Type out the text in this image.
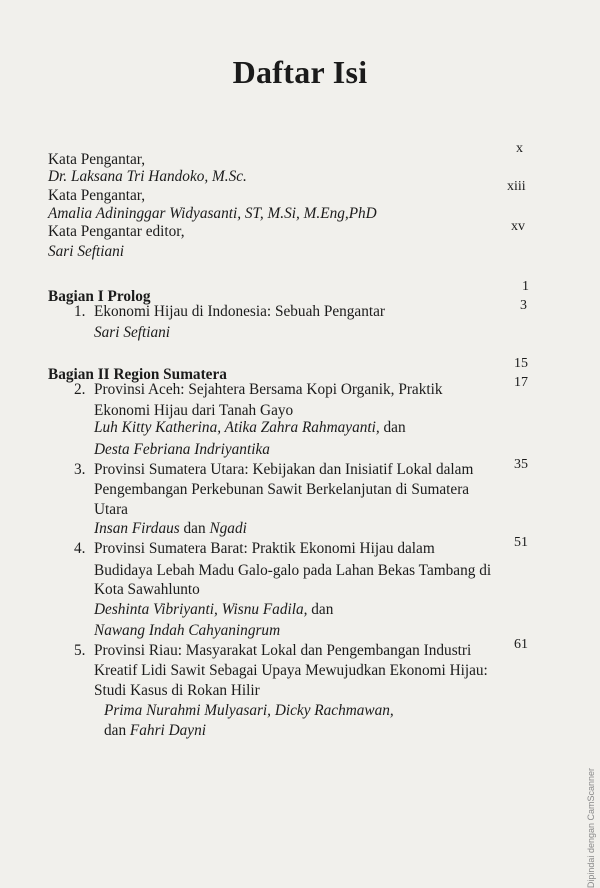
Daftar Isi
x
Kata Pengantar,
Dr. Laksana Tri Handoko, M.Sc.
xiii
Kata Pengantar,
Amalia Adininggar Widyasanti, ST, M.Si, M.Eng,PhD
xv
Kata Pengantar editor,
Sari Seftiani
1
Bagian I Prolog
3
1. Ekonomi Hijau di Indonesia: Sebuah Pengantar
Sari Seftiani
15
Bagian II Region Sumatera	17
2. Provinsi Aceh: Sejahtera Bersama Kopi Organik, Praktik
Ekonomi Hijau dari Tanah Gayo
Luh Kitty Katherina, Atika Zahra Rahmayanti, dan
Desta Febriana Indriyantika
35
3. Provinsi Sumatera Utara: Kebijakan dan Inisiatif Lokal dalam
Pengembangan Perkebunan Sawit Berkelanjutan di Sumatera
Utara
Insan Firdaus dan Ngadi
51
4. Provinsi Sumatera Barat: Praktik Ekonomi Hijau dalam
Budidaya Lebah Madu Galo-galo pada Lahan Bekas Tambang di
Kota Sawahlunto
Deshinta Vibriyanti, Wisnu Fadila, dan
Nawang Indah Cahyaningrum
61
5. Provinsi Riau: Masyarakat Lokal dan Pengembangan Industri
Kreatif Lidi Sawit Sebagai Upaya Mewujudkan Ekonomi Hijau:
Studi Kasus di Rokan Hilir
Prima Nurahmi Mulyasari, Dicky Rachmawan,
dan Fahri Dayni
Dipindai dengan CamScanner
